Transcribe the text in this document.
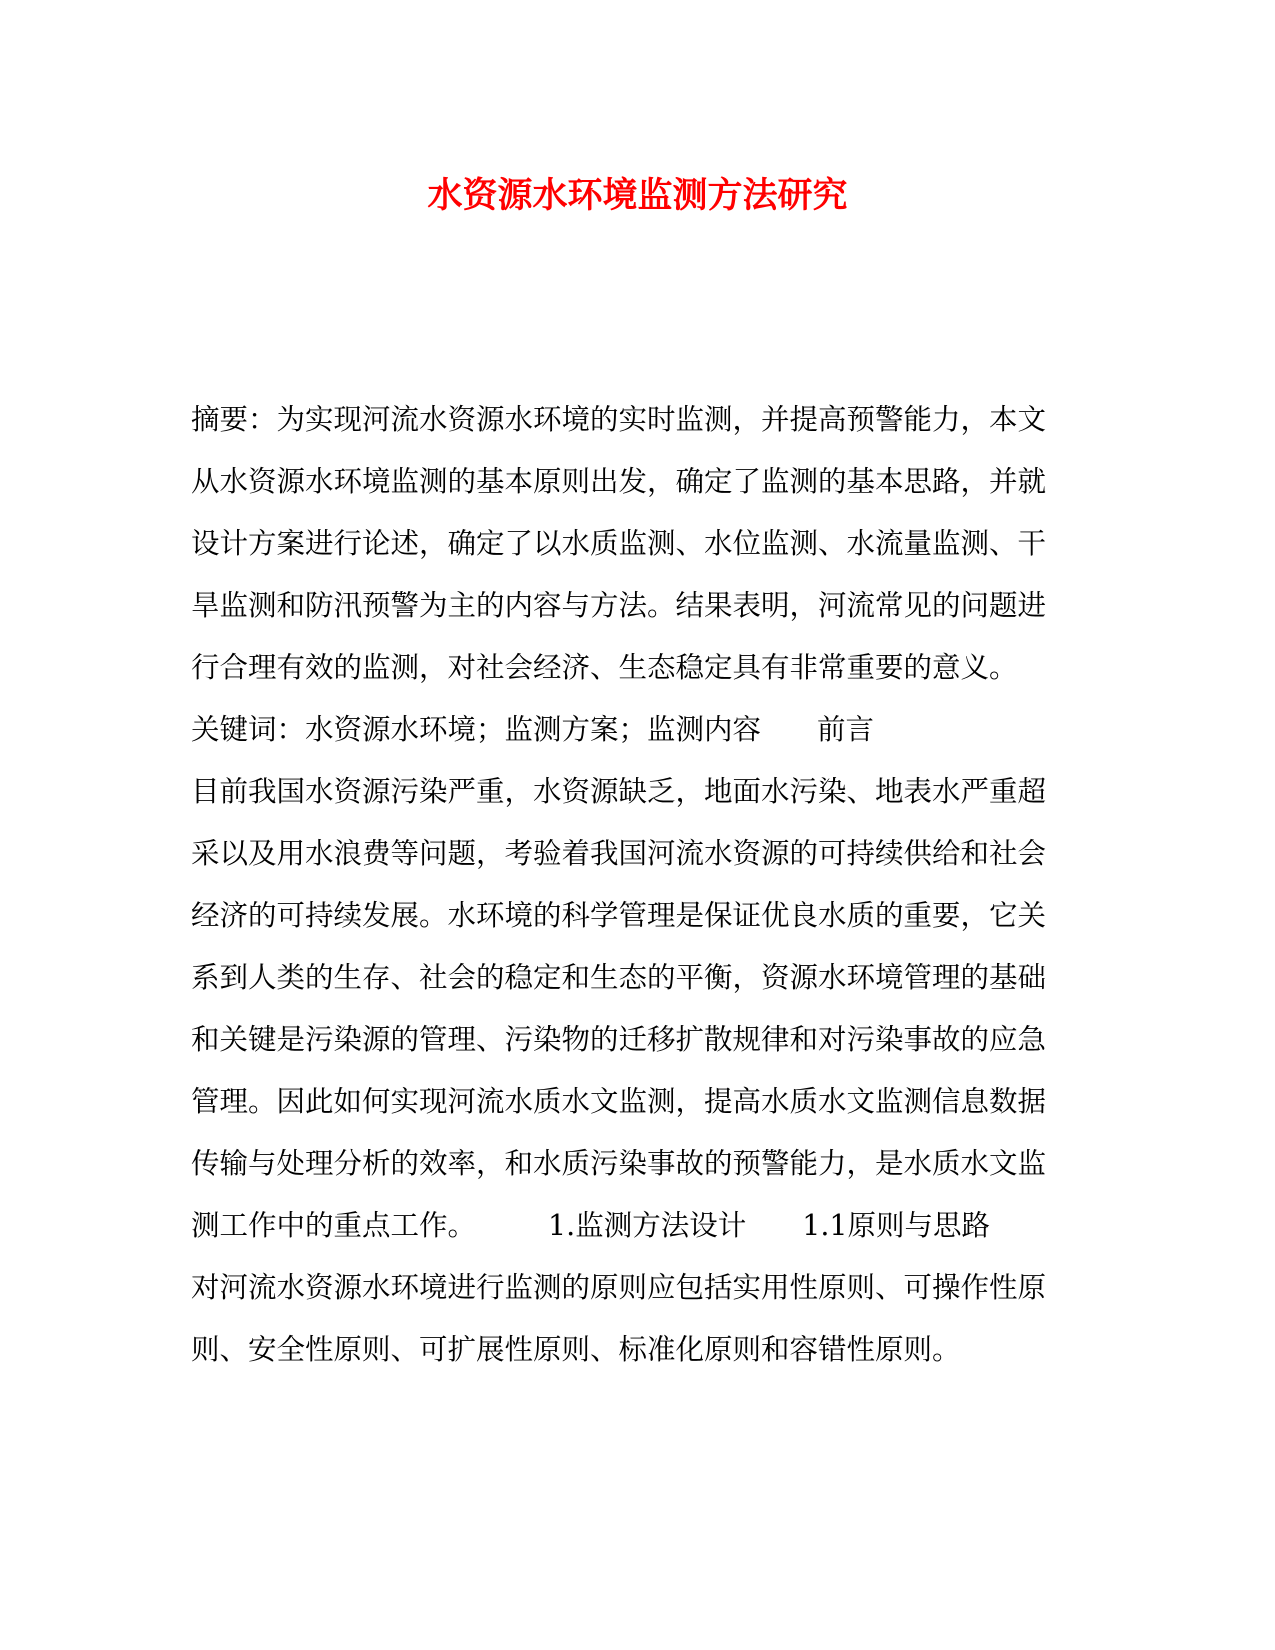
水资源水环境监测方法研究
摘要：为实现河流水资源水环境的实时监测，并提高预警能力，本文
从水资源水环境监测的基本原则出发，确定了监测的基本思路，并就
设计方案进行论述，确定了以水质监测、水位监测、水流量监测、干
旱监测和防汛预警为主的内容与方法。结果表明，河流常见的问题进
行合理有效的监测，对社会经济、生态稳定具有非常重要的意义。
关键词：水资源水环境；监测方案；监测内容 前言
目前我国水资源污染严重，水资源缺乏，地面水污染、地表水严重超
采以及用水浪费等问题，考验着我国河流水资源的可持续供给和社会
经济的可持续发展。水环境的科学管理是保证优良水质的重要，它关
系到人类的生存、社会的稳定和生态的平衡，资源水环境管理的基础
和关键是污染源的管理、污染物的迁移扩散规律和对污染事故的应急
管理。因此如何实现河流水质水文监测，提高水质水文监测信息数据
传输与处理分析的效率，和水质污染事故的预警能力，是水质水文监
测工作中的重点工作。	1.监测方法设计 1.1原则与思路
对河流水资源水环境进行监测的原则应包括实用性原则、可操作性原
则、安全性原则、可扩展性原则、标准化原则和容错性原则。
